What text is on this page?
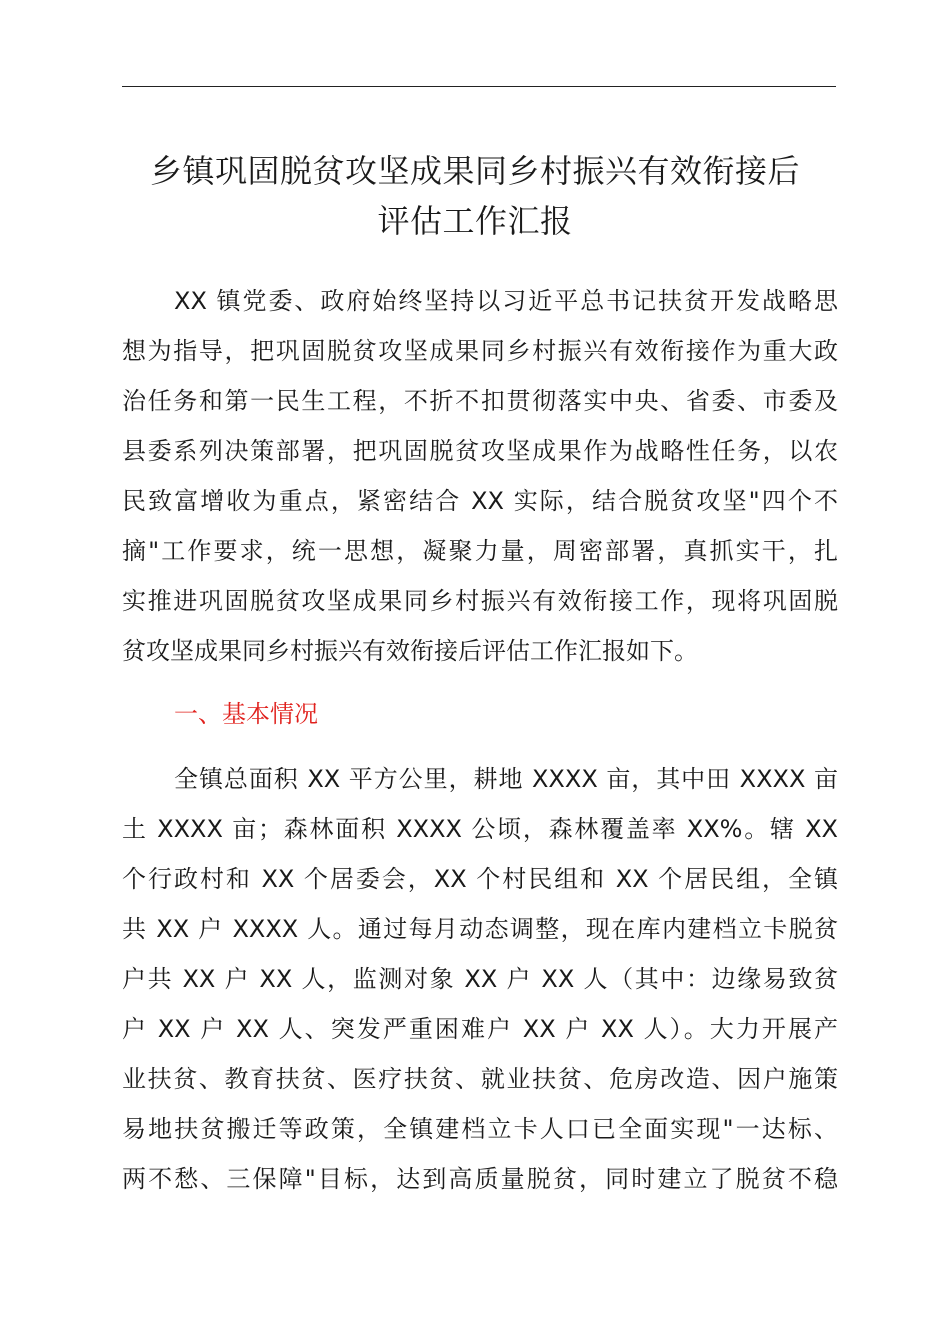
乡镇巩固脱贫攻坚成果同乡村振兴有效衔接后
评估工作汇报
XX 镇党委、政府始终坚持以习近平总书记扶贫开发战略思
想为指导，把巩固脱贫攻坚成果同乡村振兴有效衔接作为重大政
治任务和第一民生工程，不折不扣贯彻落实中央、省委、市委及
县委系列决策部署，把巩固脱贫攻坚成果作为战略性任务，以农
民致富增收为重点，紧密结合 XX 实际，结合脱贫攻坚"四个不
摘"工作要求，统一思想，凝聚力量，周密部署，真抓实干，扎
实推进巩固脱贫攻坚成果同乡村振兴有效衔接工作，现将巩固脱
贫攻坚成果同乡村振兴有效衔接后评估工作汇报如下。
一、基本情况
全镇总面积 XX 平方公里，耕地 XXXX 亩，其中田 XXXX 亩
土 XXXX 亩；森林面积 XXXX 公顷，森林覆盖率 XX%。辖 XX
个行政村和 XX 个居委会，XX 个村民组和 XX 个居民组，全镇
共 XX 户 XXXX 人。通过每月动态调整，现在库内建档立卡脱贫
户共 XX 户 XX 人，监测对象 XX 户 XX 人（其中：边缘易致贫
户 XX 户 XX 人、突发严重困难户 XX 户 XX 人）。大力开展产
业扶贫、教育扶贫、医疗扶贫、就业扶贫、危房改造、因户施策
易地扶贫搬迁等政策，全镇建档立卡人口已全面实现"一达标、
两不愁、三保障"目标，达到高质量脱贫，同时建立了脱贫不稳
